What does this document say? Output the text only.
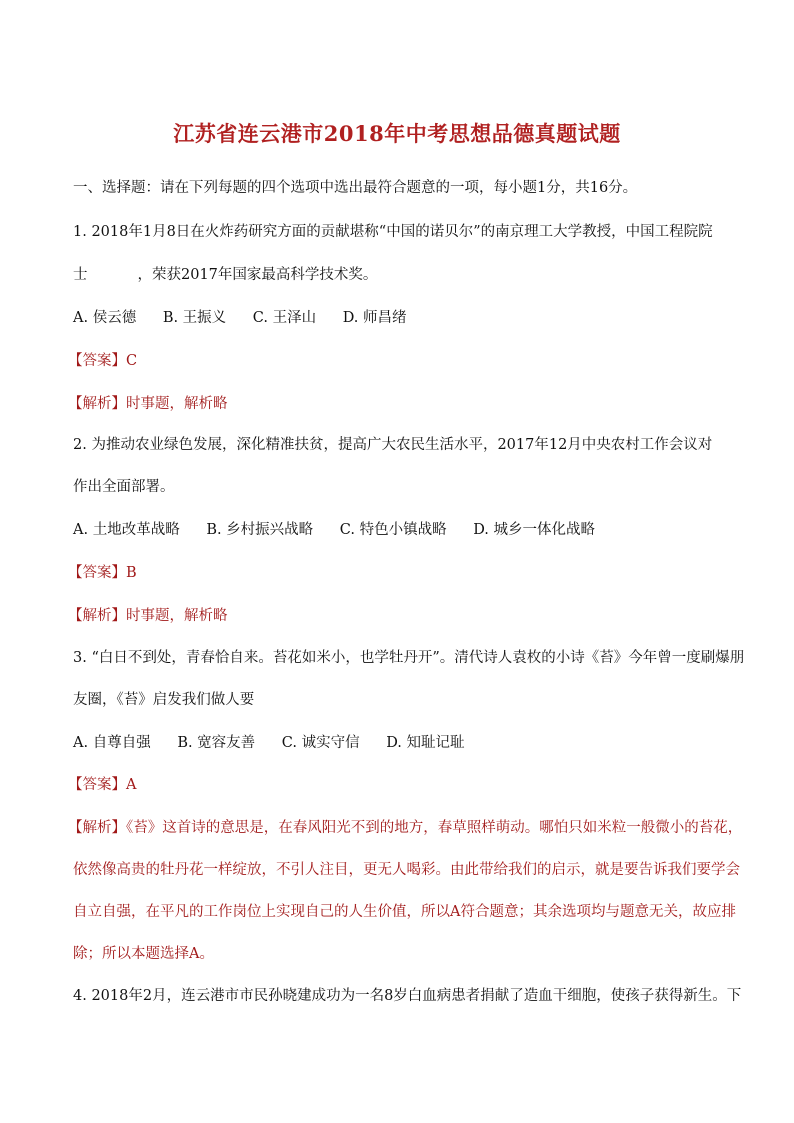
江苏省连云港市2018年中考思想品德真题试题
一、选择题：请在下列每题的四个选项中选出最符合题意的一项，每小题1分，共16分。
1. 2018年1月8日在火炸药研究方面的贡献堪称“中国的诺贝尔”的南京理工大学教授，中国工程院院
士	，荣获2017年国家最高科学技术奖。
A. 侯云德 B. 王振义 C. 王泽山 D. 师昌绪
【答案】C
【解析】时事题，解析略
2. 为推动农业绿色发展，深化精准扶贫，提高广大农民生活水平，2017年12月中央农村工作会议对
作出全面部署。
A. 土地改革战略 B. 乡村振兴战略 C. 特色小镇战略 D. 城乡一体化战略
【答案】B
【解析】时事题，解析略
3. “白日不到处，青春恰自来。苔花如米小，也学牡丹开”。清代诗人袁枚的小诗《苔》今年曾一度刷爆朋
友圈，《苔》启发我们做人要
A. 自尊自强 B. 宽容友善 C. 诚实守信 D. 知耻记耻
【答案】A
【解析】《苔》这首诗的意思是，在春风阳光不到的地方，春草照样萌动。哪怕只如米粒一般微小的苔花，
依然像高贵的牡丹花一样绽放，不引人注目，更无人喝彩。由此带给我们的启示，就是要告诉我们要学会
自立自强，在平凡的工作岗位上实现自己的人生价值，所以A符合题意；其余选项均与题意无关，故应排
除；所以本题选择A。
4. 2018年2月，连云港市市民孙晓建成功为一名8岁白血病患者捐献了造血干细胞，使孩子获得新生。下
